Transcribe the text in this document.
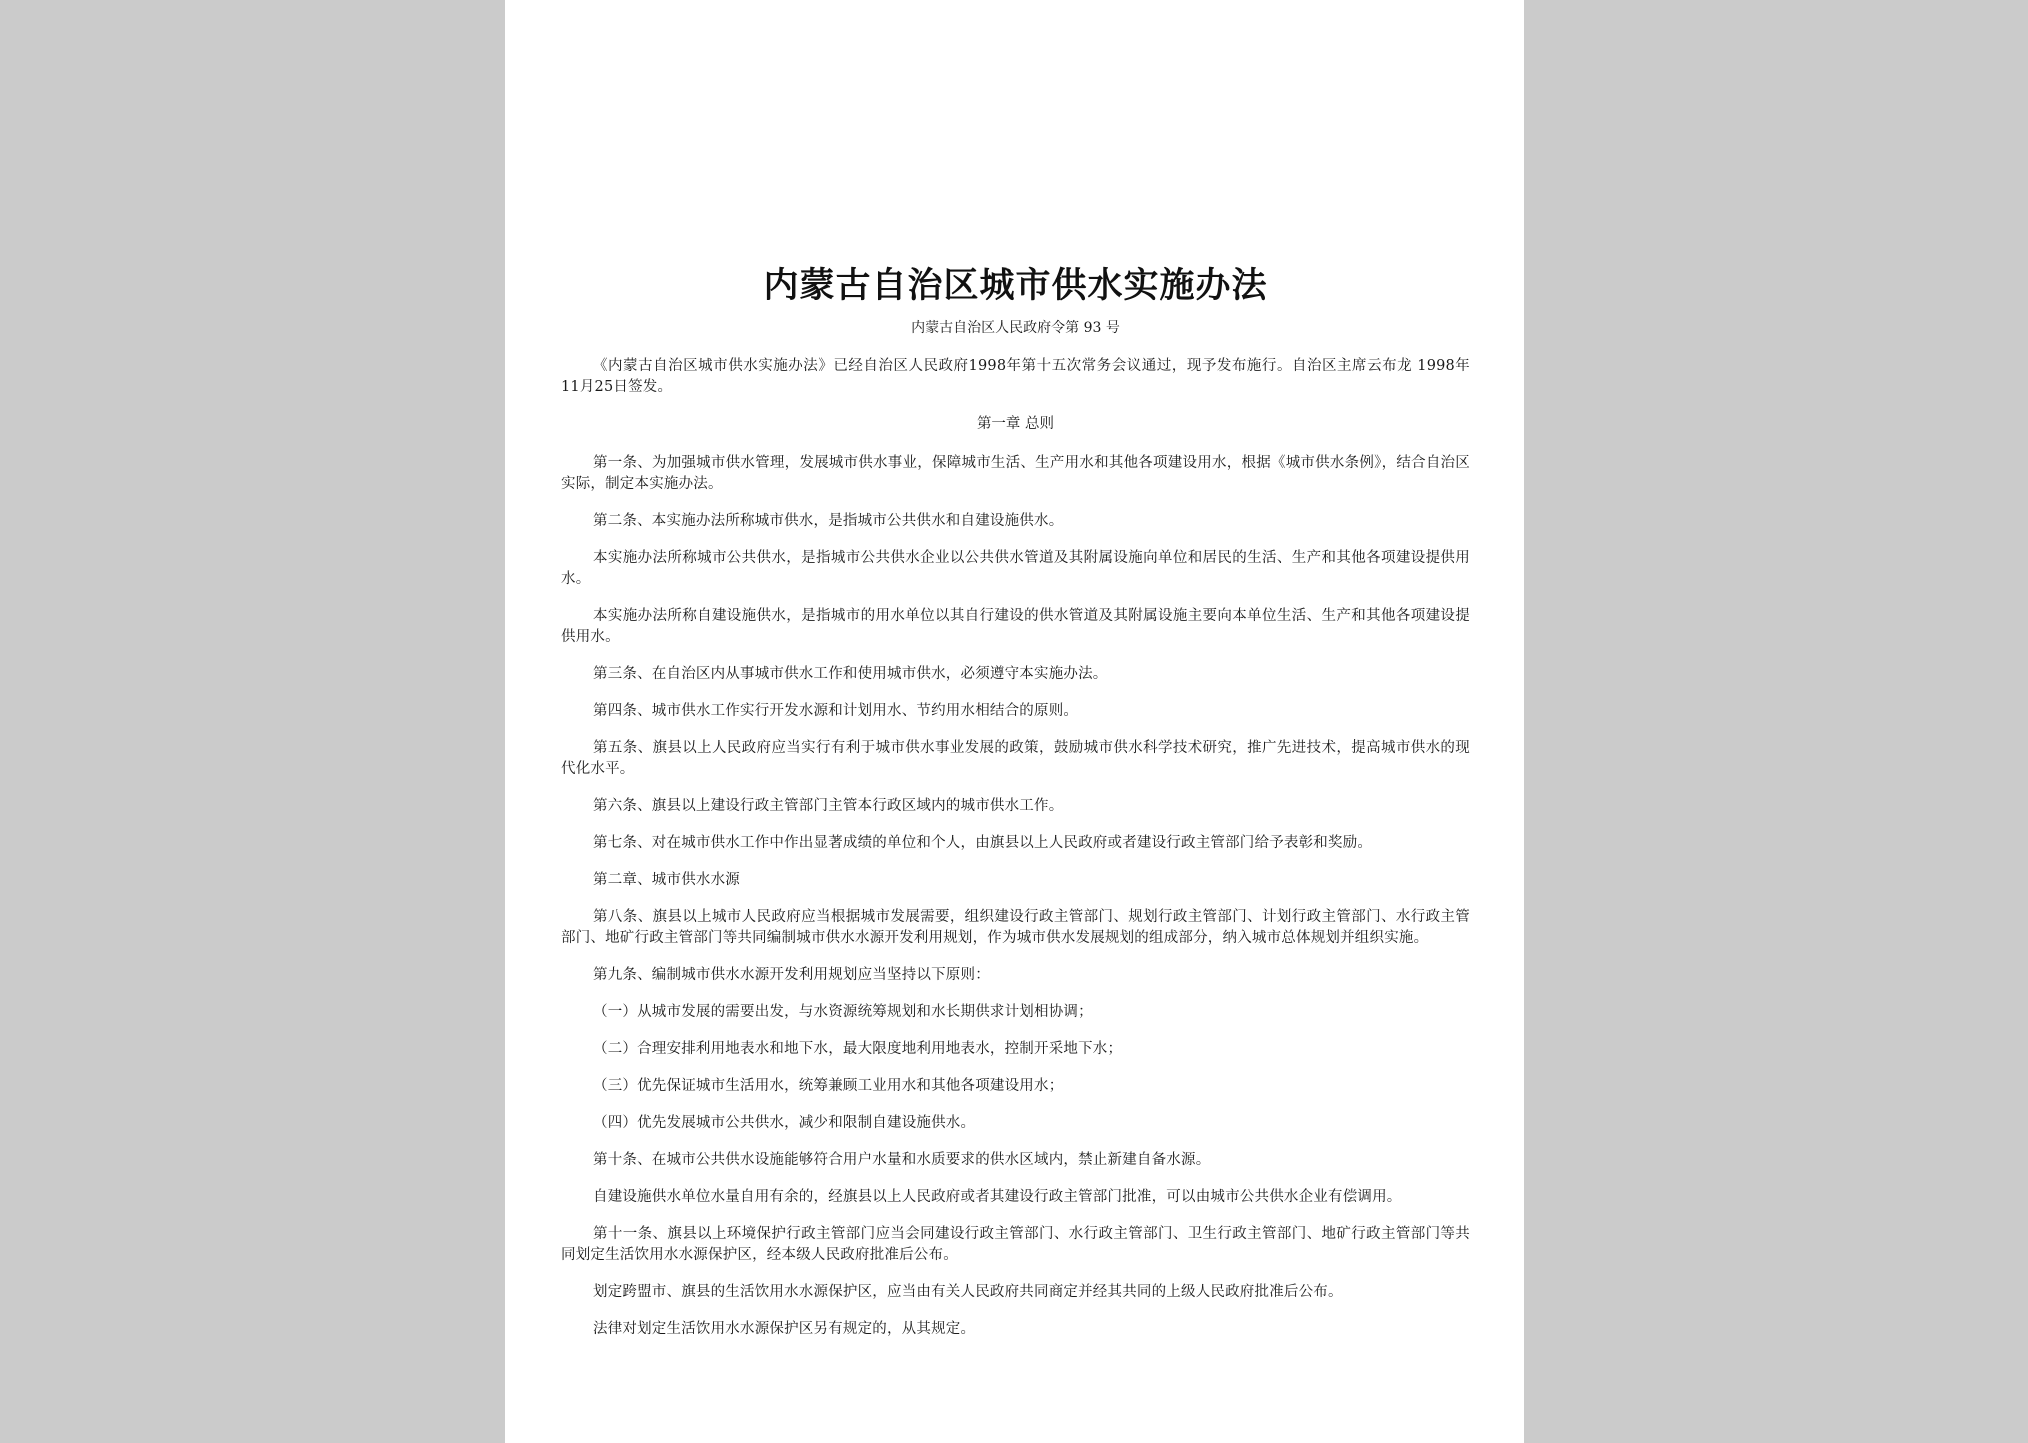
内蒙古自治区城市供水实施办法
内蒙古自治区人民政府令第 93 号

《内蒙古自治区城市供水实施办法》已经自治区人民政府1998年第十五次常务会议通过，现予发布施行。自治区主席云布龙 1998年11月25日签发。

第一章 总则

第一条、为加强城市供水管理，发展城市供水事业，保障城市生活、生产用水和其他各项建设用水，根据《城市供水条例》，结合自治区实际，制定本实施办法。

第二条、本实施办法所称城市供水，是指城市公共供水和自建设施供水。

本实施办法所称城市公共供水，是指城市公共供水企业以公共供水管道及其附属设施向单位和居民的生活、生产和其他各项建设提供用水。

本实施办法所称自建设施供水，是指城市的用水单位以其自行建设的供水管道及其附属设施主要向本单位生活、生产和其他各项建设提供用水。

第三条、在自治区内从事城市供水工作和使用城市供水，必须遵守本实施办法。

第四条、城市供水工作实行开发水源和计划用水、节约用水相结合的原则。

第五条、旗县以上人民政府应当实行有利于城市供水事业发展的政策，鼓励城市供水科学技术研究，推广先进技术，提高城市供水的现代化水平。

第六条、旗县以上建设行政主管部门主管本行政区域内的城市供水工作。

第七条、对在城市供水工作中作出显著成绩的单位和个人，由旗县以上人民政府或者建设行政主管部门给予表彰和奖励。

第二章、城市供水水源

第八条、旗县以上城市人民政府应当根据城市发展需要，组织建设行政主管部门、规划行政主管部门、计划行政主管部门、水行政主管部门、地矿行政主管部门等共同编制城市供水水源开发利用规划，作为城市供水发展规划的组成部分，纳入城市总体规划并组织实施。

第九条、编制城市供水水源开发利用规划应当坚持以下原则：

（一）从城市发展的需要出发，与水资源统筹规划和水长期供求计划相协调；

（二）合理安排利用地表水和地下水，最大限度地利用地表水，控制开采地下水；

（三）优先保证城市生活用水，统筹兼顾工业用水和其他各项建设用水；

（四）优先发展城市公共供水，减少和限制自建设施供水。

第十条、在城市公共供水设施能够符合用户水量和水质要求的供水区域内，禁止新建自备水源。

自建设施供水单位水量自用有余的，经旗县以上人民政府或者其建设行政主管部门批准，可以由城市公共供水企业有偿调用。

第十一条、旗县以上环境保护行政主管部门应当会同建设行政主管部门、水行政主管部门、卫生行政主管部门、地矿行政主管部门等共同划定生活饮用水水源保护区，经本级人民政府批准后公布。

划定跨盟市、旗县的生活饮用水水源保护区，应当由有关人民政府共同商定并经其共同的上级人民政府批准后公布。

法律对划定生活饮用水水源保护区另有规定的，从其规定。
